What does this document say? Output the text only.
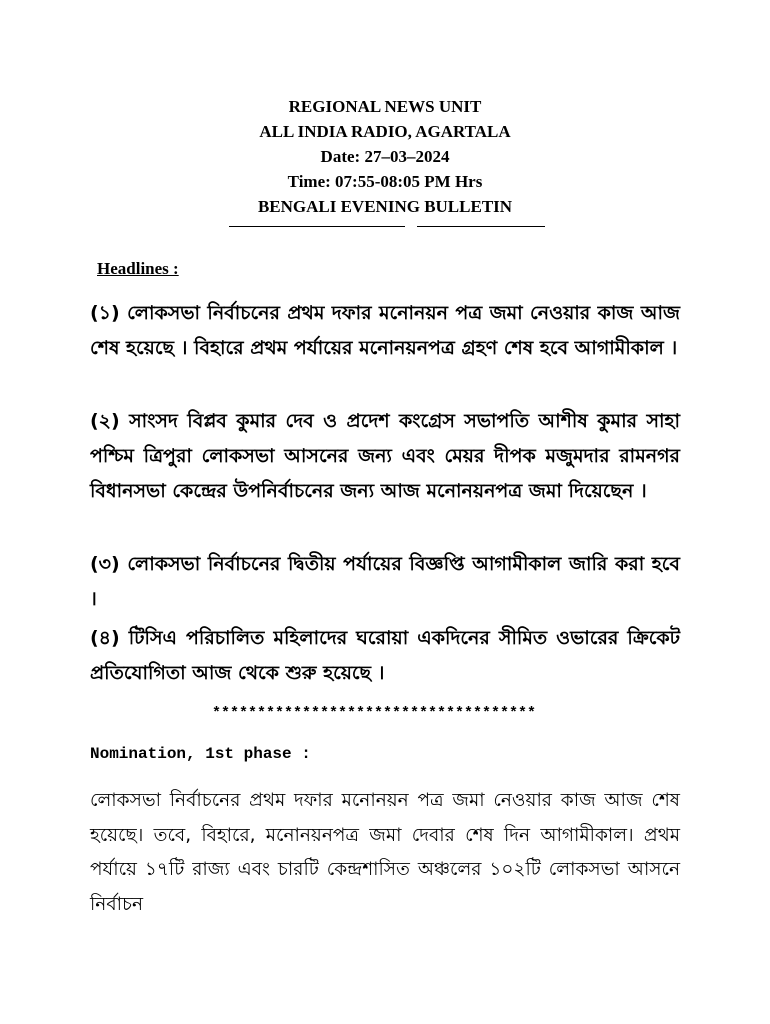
REGIONAL NEWS UNIT
ALL INDIA RADIO, AGARTALA
Date: 27–03–2024
Time: 07:55-08:05 PM Hrs
BENGALI EVENING BULLETIN
Headlines :
(১) লোকসভা নির্বাচনের প্রথম দফার মনোনয়ন পত্র জমা নেওয়ার কাজ আজ শেষ হয়েছে । বিহারে প্রথম পর্যায়ের মনোনয়নপত্র গ্রহণ শেষ হবে আগামীকাল ।
(২) সাংসদ বিপ্লব কুমার দেব ও প্রদেশ কংগ্রেস সভাপতি আশীষ কুমার সাহা পশ্চিম ত্রিপুরা লোকসভা আসনের জন্য এবং মেয়র দীপক মজুমদার রামনগর বিধানসভা কেন্দ্রের উপনির্বাচনের জন্য আজ মনোনয়নপত্র জমা দিয়েছেন ।
(৩) লোকসভা নির্বাচনের দ্বিতীয় পর্যায়ের বিজ্ঞপ্তি আগামীকাল জারি করা হবে ।
(৪) টিসিএ পরিচালিত মহিলাদের ঘরোয়া একদিনের সীমিত ওভারের ক্রিকেট প্রতিযোগিতা আজ থেকে শুরু হয়েছে ।
************************************
Nomination, 1st phase :
লোকসভা নির্বাচনের প্রথম দফার মনোনয়ন পত্র জমা নেওয়ার কাজ আজ শেষ হয়েছে। তবে, বিহারে, মনোনয়নপত্র জমা দেবার শেষ দিন আগামীকাল। প্রথম পর্যায়ে ১৭টি রাজ্য এবং চারটি কেন্দ্রশাসিত অঞ্চলের ১০২টি লোকসভা আসনে নির্বাচন
